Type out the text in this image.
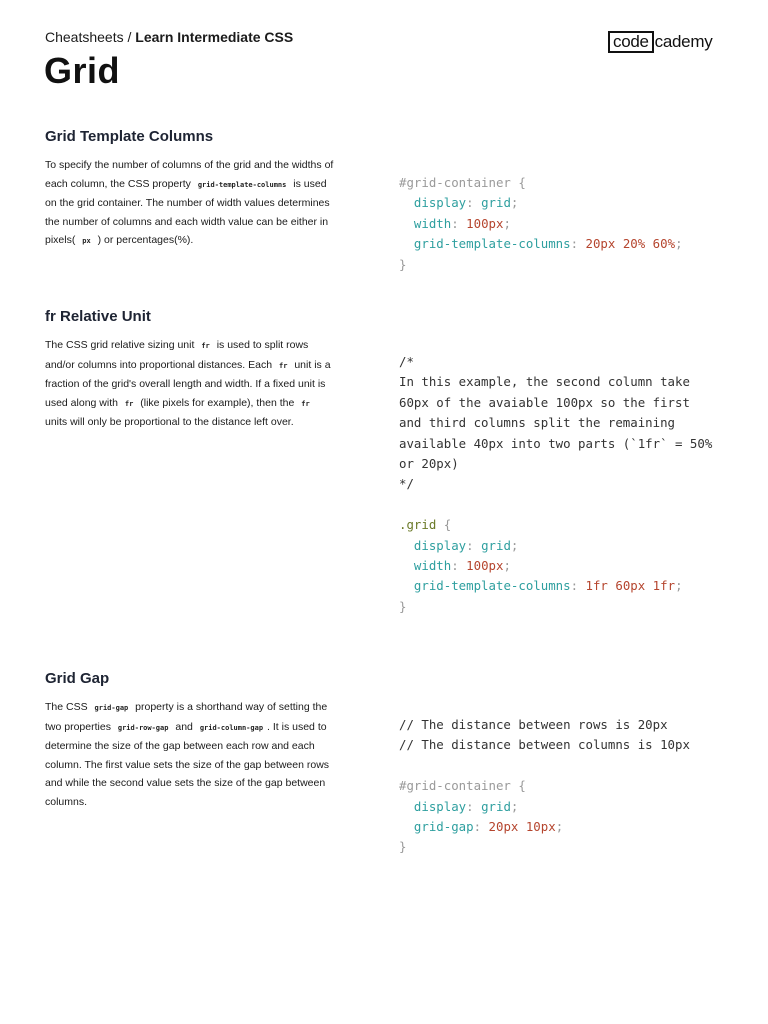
Cheatsheets / Learn Intermediate CSS	code cademy
Grid
Grid Template Columns

To specify the number of columns of the grid and the widths of each column, the CSS property grid-template-columns is used on the grid container. The number of width values determines the number of columns and each width value can be either in pixels( px ) or percentages(%).

#grid-container {
display: grid;
width: 100px;
grid-template-columns: 20px 20% 60%;
}
fr Relative Unit

The CSS grid relative sizing unit fr is used to split rows and/or columns into proportional distances. Each fr unit is a fraction of the grid's overall length and width. If a fixed unit is used along with fr (like pixels for example), then the fr units will only be proportional to the distance left over.

/*
In this example, the second column take
60px of the avaiable 100px so the first
and third columns split the remaining
available 40px into two parts (`1fr` = 50%
or 20px)
*/

.grid {
display: grid;
width: 100px;
grid-template-columns: 1fr 60px 1fr;
}
Grid Gap

The CSS grid-gap property is a shorthand way of setting the two properties grid-row-gap and grid-column-gap . It is used to determine the size of the gap between each row and each column. The first value sets the size of the gap between rows and while the second value sets the size of the gap between columns.

// The distance between rows is 20px
// The distance between columns is 10px

#grid-container {
display: grid;
grid-gap: 20px 10px;
}
